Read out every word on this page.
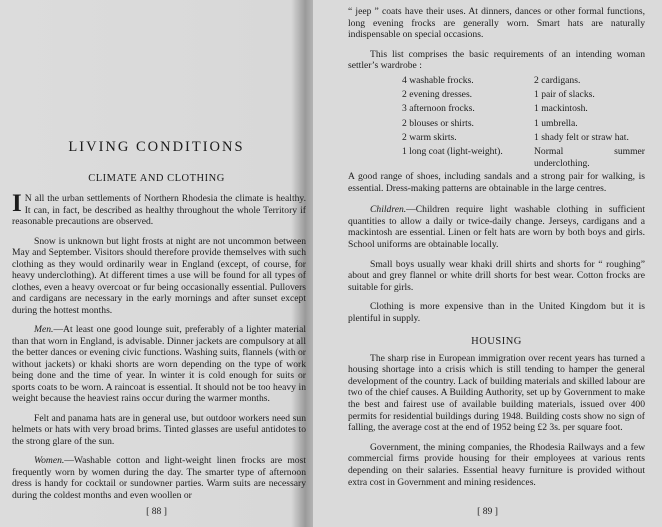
LIVING CONDITIONS
CLIMATE AND CLOTHING

I N all the urban settlements of Northern Rhodesia the climate is healthy. It can, in fact, be described as healthy throughout the whole Territory if reasonable precautions are observed.

Snow is unknown but light frosts at night are not uncommon between May and September. Visitors should therefore provide themselves with such clothing as they would ordinarily wear in England (except, of course, for heavy underclothing). At different times a use will be found for all types of clothes, even a heavy overcoat or fur being occasionally essential. Pullovers and cardigans are necessary in the early mornings and after sunset except during the hottest months.

Men.—At least one good lounge suit, preferably of a lighter material than that worn in England, is advisable. Dinner jackets are compulsory at all the better dances or evening civic functions. Washing suits, flannels (with or without jackets) or khaki shorts are worn depending on the type of work being done and the time of year. In winter it is cold enough for suits or sports coats to be worn. A raincoat is essential. It should not be too heavy in weight because the heaviest rains occur during the warmer months.

Felt and panama hats are in general use, but outdoor workers need sun helmets or hats with very broad brims. Tinted glasses are useful antidotes to the strong glare of the sun.

Women.—Washable cotton and light-weight linen frocks are most frequently worn by women during the day. The smarter type of afternoon dress is handy for cocktail or sundowner parties. Warm suits are necessary during the coldest months and even woollen or

[ 88 ]

“ jeep ” coats have their uses. At dinners, dances or other formal functions, long evening frocks are generally worn. Smart hats are naturally indispensable on special occasions.

This list comprises the basic requirements of an intending woman settler’s wardrobe :

4 washable frocks.	2 cardigans.
2 evening dresses.	1 pair of slacks.
3 afternoon frocks.	1 mackintosh.
2 blouses or shirts.	1 umbrella.
2 warm skirts.	1 shady felt or straw hat.
1 long coat (light-weight).	Normal summer underclothing.

A good range of shoes, including sandals and a strong pair for walking, is essential. Dress-making patterns are obtainable in the large centres.

Children.—Children require light washable clothing in sufficient quantities to allow a daily or twice-daily change. Jerseys, cardigans and a mackintosh are essential. Linen or felt hats are worn by both boys and girls. School uniforms are obtainable locally.

Small boys usually wear khaki drill shirts and shorts for “ roughing” about and grey flannel or white drill shorts for best wear. Cotton frocks are suitable for girls.

Clothing is more expensive than in the United Kingdom but it is plentiful in supply.

HOUSING

The sharp rise in European immigration over recent years has turned a housing shortage into a crisis which is still tending to hamper the general development of the country. Lack of building materials and skilled labour are two of the chief causes. A Building Authority, set up by Government to make the best and fairest use of available building materials, issued over 400 permits for residential buildings during 1948. Building costs show no sign of falling, the average cost at the end of 1952 being £2 3s. per square foot.

Government, the mining companies, the Rhodesia Railways and a few commercial firms provide housing for their employees at various rents depending on their salaries. Essential heavy furniture is provided without extra cost in Government and mining residences.

[ 89 ]
